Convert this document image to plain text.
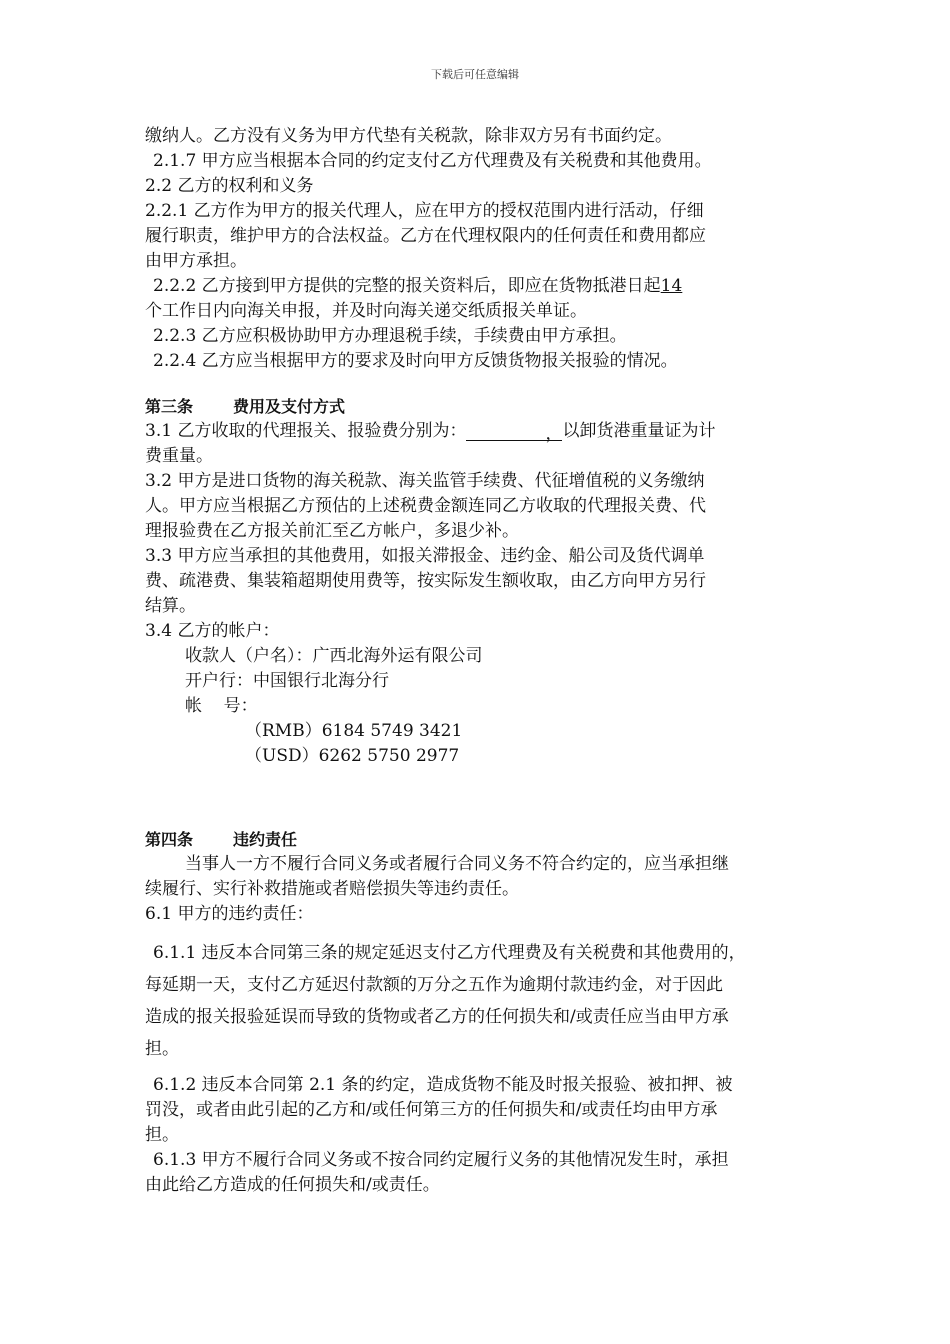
下载后可任意编辑
缴纳人。乙方没有义务为甲方代垫有关税款，除非双方另有书面约定。
2.1.7 甲方应当根据本合同的约定支付乙方代理费及有关税费和其他费用。
2.2 乙方的权利和义务
2.2.1 乙方作为甲方的报关代理人，应在甲方的授权范围内进行活动，仔细
履行职责，维护甲方的合法权益。乙方在代理权限内的任何责任和费用都应
由甲方承担。
2.2.2 乙方接到甲方提供的完整的报关资料后，即应在货物抵港日起14
个工作日内向海关申报，并及时向海关递交纸质报关单证。
2.2.3 乙方应积极协助甲方办理退税手续，手续费由甲方承担。
2.2.4 乙方应当根据甲方的要求及时向甲方反馈货物报关报验的情况。
第三条	费用及支付方式
3.1 乙方收取的代理报关、报验费分别为：	，以卸货港重量证为计
费重量。
3.2 甲方是进口货物的海关税款、海关监管手续费、代征增值税的义务缴纳
人。甲方应当根据乙方预估的上述税费金额连同乙方收取的代理报关费、代
理报验费在乙方报关前汇至乙方帐户，多退少补。
3.3 甲方应当承担的其他费用，如报关滞报金、违约金、船公司及货代调单
费、疏港费、集装箱超期使用费等，按实际发生额收取，由乙方向甲方另行
结算。
3.4 乙方的帐户：
收款人（户名）：广西北海外运有限公司
开户行：中国银行北海分行
帐    号：
（RMB）6184 5749 3421
（USD）6262 5750 2977
第四条	违约责任
当事人一方不履行合同义务或者履行合同义务不符合约定的，应当承担继
续履行、实行补救措施或者赔偿损失等违约责任。
6.1 甲方的违约责任：
6.1.1 违反本合同第三条的规定延迟支付乙方代理费及有关税费和其他费用的，
每延期一天，支付乙方延迟付款额的万分之五作为逾期付款违约金，对于因此
造成的报关报验延误而导致的货物或者乙方的任何损失和/或责任应当由甲方承
担。
6.1.2 违反本合同第 2.1 条的约定，造成货物不能及时报关报验、被扣押、被
罚没，或者由此引起的乙方和/或任何第三方的任何损失和/或责任均由甲方承
担。
6.1.3 甲方不履行合同义务或不按合同约定履行义务的其他情况发生时，承担
由此给乙方造成的任何损失和/或责任。
